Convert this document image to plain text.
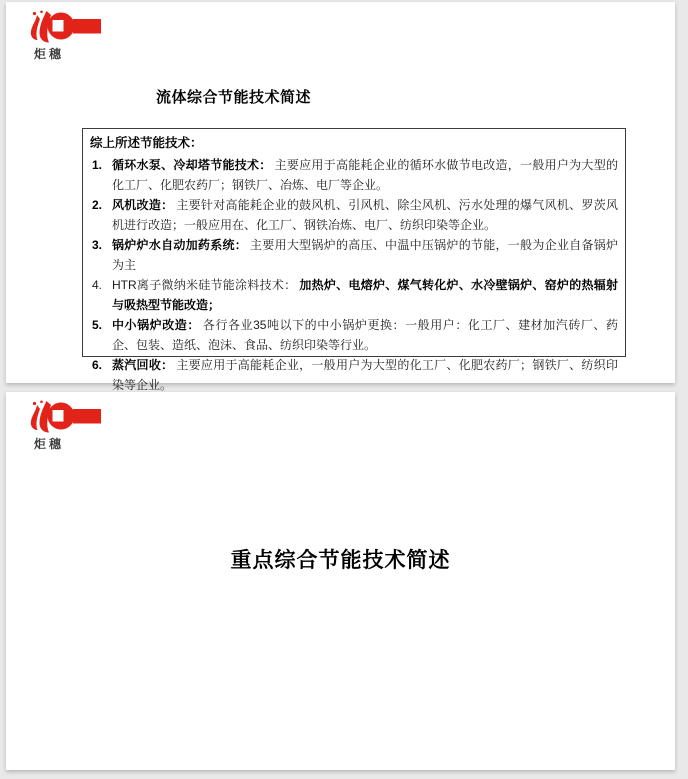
炬穗
流体综合节能技术简述
综上所述节能技术：
1. 循环水泵、冷却塔节能技术： 主要应用于高能耗企业的循环水做节电改造，一般用户为大型的化工厂、化肥农药厂；钢铁厂、冶炼、电厂等企业。
2. 风机改造： 主要针对高能耗企业的鼓风机、引风机、除尘风机、污水处理的爆气风机、罗茨风机进行改造；一般应用在、化工厂、钢铁冶炼、电厂、纺织印染等企业。
3. 锅炉炉水自动加药系统： 主要用大型锅炉的高压、中温中压锅炉的节能，一般为企业自备锅炉为主
4. HTR离子微纳米硅节能涂料技术： 加热炉、电熔炉、煤气转化炉、水冷壁锅炉、窑炉的热辐射与吸热型节能改造；
5. 中小锅炉改造： 各行各业35吨以下的中小锅炉更换：一般用户：化工厂、建材加汽砖厂、药企、包装、造纸、泡沫、食品、纺织印染等行业。
6. 蒸汽回收： 主要应用于高能耗企业，一般用户为大型的化工厂、化肥农药厂；钢铁厂、纺织印染等企业。
炬穗
重点综合节能技术简述
